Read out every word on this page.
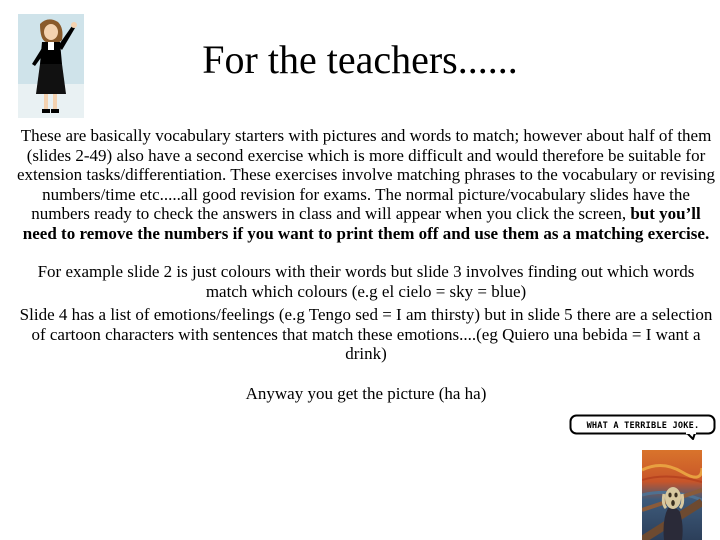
For the teachers......

These are basically vocabulary starters with pictures and words to match; however about half of them (slides 2-49) also have a second exercise which is more difficult and would therefore be suitable for extension tasks/differentiation. These exercises involve matching phrases to the vocabulary or revising numbers/time etc.....all good revision for exams. The normal picture/vocabulary slides have the numbers ready to check the answers in class and will appear when you click the screen, but you’ll need to remove the numbers if you want to print them off and use them as a matching exercise.

For example slide 2 is just colours with their words but slide 3 involves finding out which words match which colours (e.g el cielo = sky = blue)

Slide 4 has a list of emotions/feelings (e.g Tengo sed = I am thirsty) but in slide 5 there are a selection of cartoon characters with sentences that match these emotions....(eg Quiero una bebida = I want a drink)

Anyway you get the picture (ha ha)

WHAT A TERRIBLE JOKE.
